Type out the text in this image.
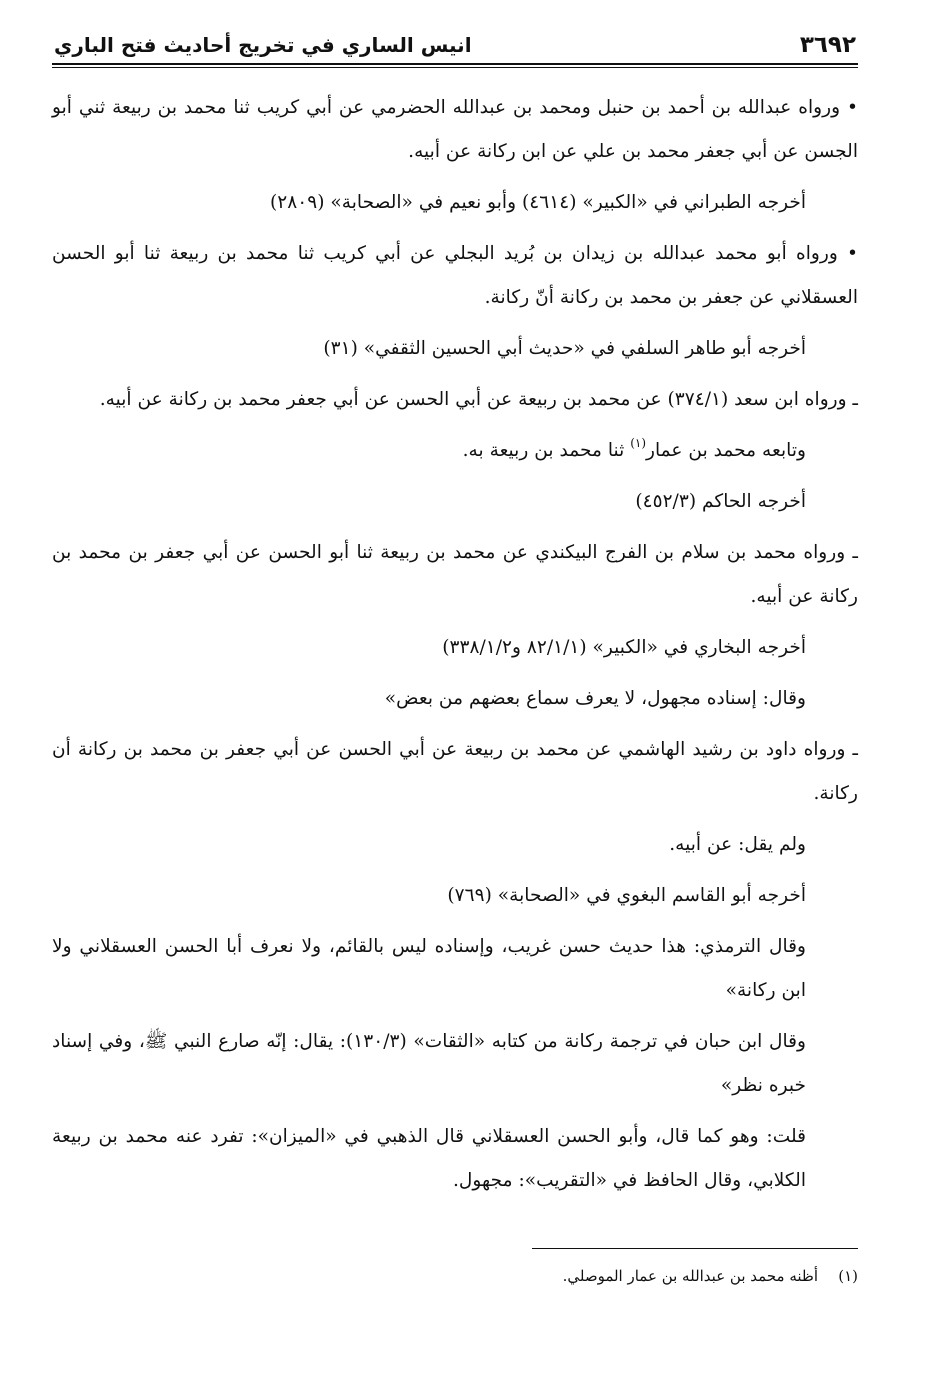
٣٦٩٢
انيس الساري في تخريج أحاديث فتح الباري

• ورواه عبدالله بن أحمد بن حنبل ومحمد بن عبدالله الحضرمي عن أبي كريب ثنا محمد بن ربيعة ثني أبو الجسن عن أبي جعفر محمد بن علي عن ابن ركانة عن أبيه.

أخرجه الطبراني في «الكبير» (٤٦١٤) وأبو نعيم في «الصحابة» (٢٨٠٩)

• ورواه أبو محمد عبدالله بن زيدان بن بُريد البجلي عن أبي كريب ثنا محمد بن ربيعة ثنا أبو الحسن العسقلاني عن جعفر بن محمد بن ركانة أنّ ركانة.

أخرجه أبو طاهر السلفي في «حديث أبي الحسين الثقفي» (٣١)

ـ ورواه ابن سعد (٣٧٤/١) عن محمد بن ربيعة عن أبي الحسن عن أبي جعفر محمد بن ركانة عن أبيه.

وتابعه محمد بن عمار$^{(١)}$ ثنا محمد بن ربيعة به.

أخرجه الحاكم (٤٥٢/٣)

ـ ورواه محمد بن سلام بن الفرج البيكندي عن محمد بن ربيعة ثنا أبو الحسن عن أبي جعفر بن محمد بن ركانة عن أبيه.

أخرجه البخاري في «الكبير» (٨٢/١/١ و٣٣٨/١/٢)

وقال: إسناده مجهول، لا يعرف سماع بعضهم من بعض»

ـ ورواه داود بن رشيد الهاشمي عن محمد بن ربيعة عن أبي الحسن عن أبي جعفر بن محمد بن ركانة أن ركانة.

ولم يقل: عن أبيه.

أخرجه أبو القاسم البغوي في «الصحابة» (٧٦٩)

وقال الترمذي: هذا حديث حسن غريب، وإسناده ليس بالقائم، ولا نعرف أبا الحسن العسقلاني ولا ابن ركانة»

وقال ابن حبان في ترجمة ركانة من كتابه «الثقات» (١٣٠/٣): يقال: إنّه صارع النبي ﷺ، وفي إسناد خبره نظر»

قلت: وهو كما قال، وأبو الحسن العسقلاني قال الذهبي في «الميزان»: تفرد عنه محمد بن ربيعة الكلابي، وقال الحافظ في «التقريب»: مجهول.

(١)أظنه محمد بن عبدالله بن عمار الموصلي.
